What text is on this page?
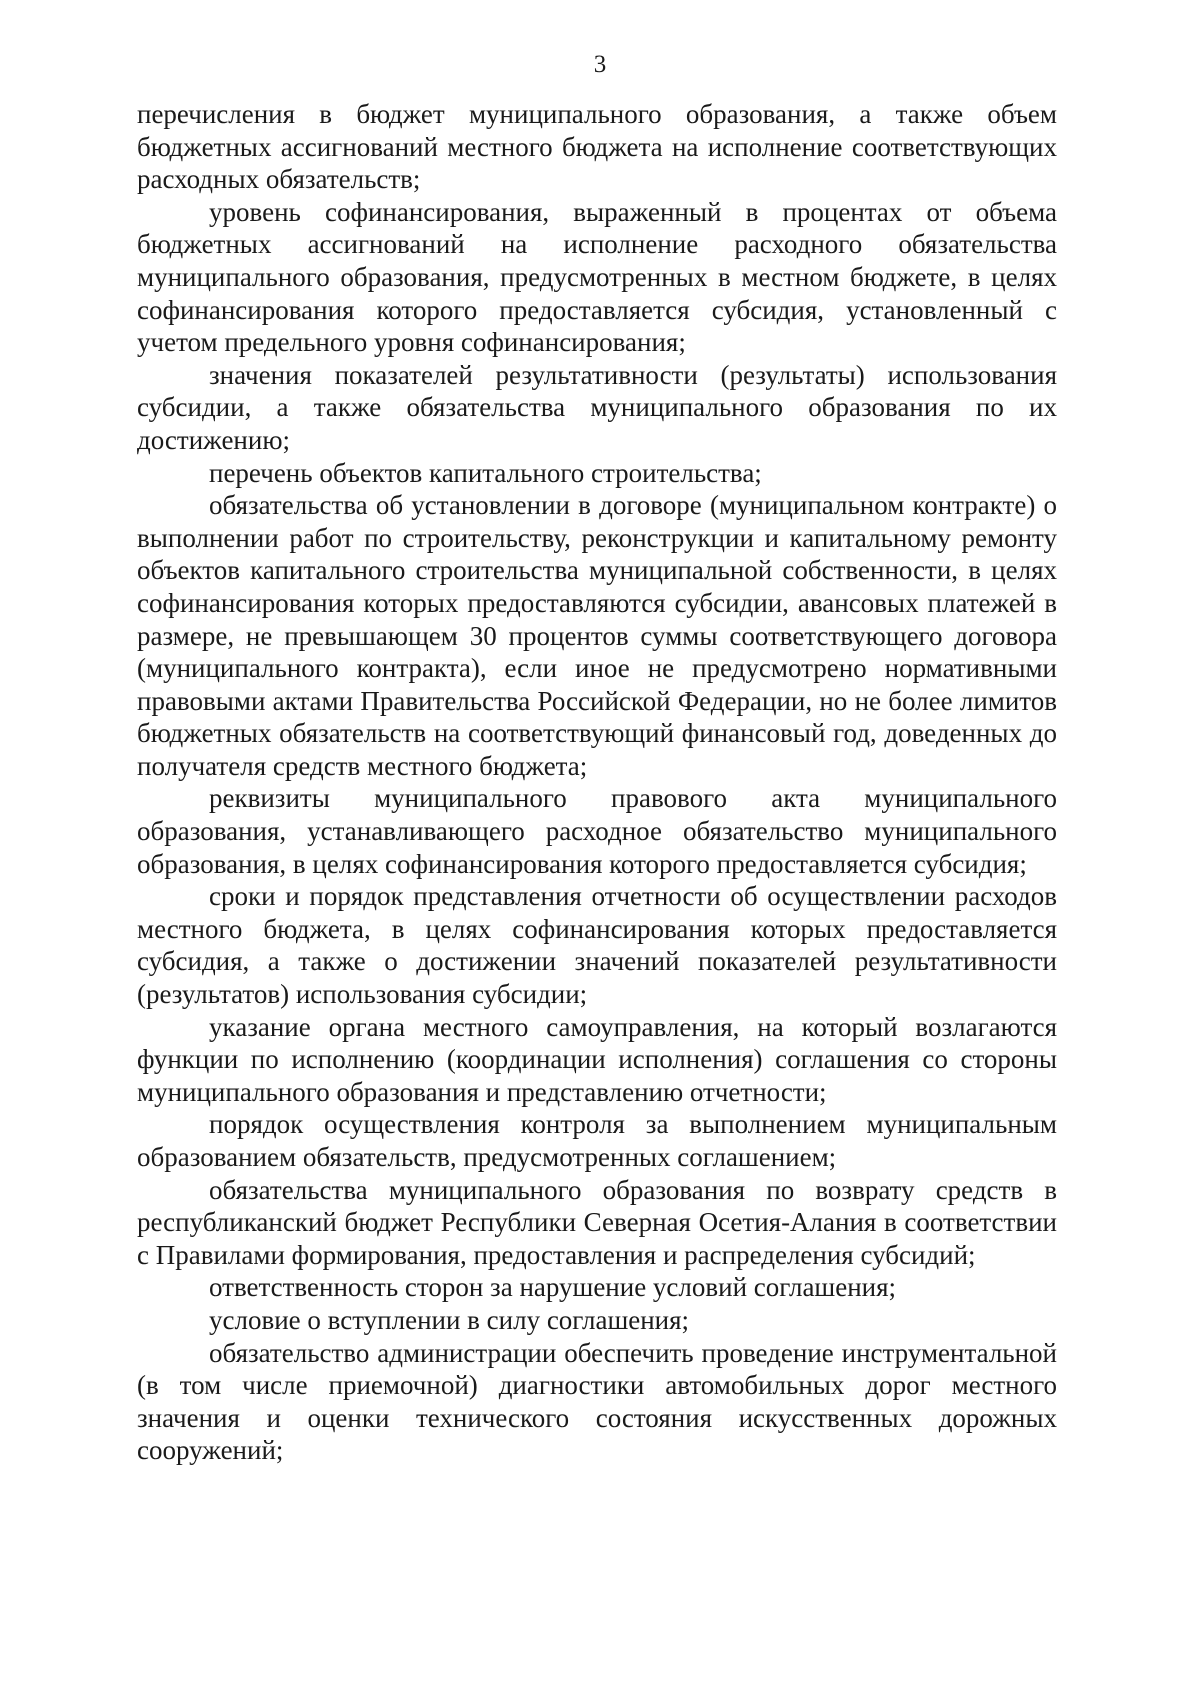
3

перечисления в бюджет муниципального образования, а также объем бюджетных ассигнований местного бюджета на исполнение соответствующих расходных обязательств;

уровень софинансирования, выраженный в процентах от объема бюджетных ассигнований на исполнение расходного обязательства муниципального образования, предусмотренных в местном бюджете, в целях софинансирования которого предоставляется субсидия, установленный с учетом предельного уровня софинансирования;

значения показателей результативности (результаты) использования субсидии, а также обязательства муниципального образования по их достижению;

перечень объектов капитального строительства;

обязательства об установлении в договоре (муниципальном контракте) о выполнении работ по строительству, реконструкции и капитальному ремонту объектов капитального строительства муниципальной собственности, в целях софинансирования которых предоставляются субсидии, авансовых платежей в размере, не превышающем 30 процентов суммы соответствующего договора (муниципального контракта), если иное не предусмотрено нормативными правовыми актами Правительства Российской Федерации, но не более лимитов бюджетных обязательств на соответствующий финансовый год, доведенных до получателя средств местного бюджета;

реквизиты муниципального правового акта муниципального образования, устанавливающего расходное обязательство муниципального образования, в целях софинансирования которого предоставляется субсидия;

сроки и порядок представления отчетности об осуществлении расходов местного бюджета, в целях софинансирования которых предоставляется субсидия, а также о достижении значений показателей результативности (результатов) использования субсидии;

указание органа местного самоуправления, на который возлагаются функции по исполнению (координации исполнения) соглашения со стороны муниципального образования и представлению отчетности;

порядок осуществления контроля за выполнением муниципальным образованием обязательств, предусмотренных соглашением;

обязательства муниципального образования по возврату средств в республиканский бюджет Республики Северная Осетия-Алания в соответствии с Правилами формирования, предоставления и распределения субсидий;

ответственность сторон за нарушение условий соглашения;

условие о вступлении в силу соглашения;

обязательство администрации обеспечить проведение инструментальной (в том числе приемочной) диагностики автомобильных дорог местного значения и оценки технического состояния искусственных дорожных сооружений;
